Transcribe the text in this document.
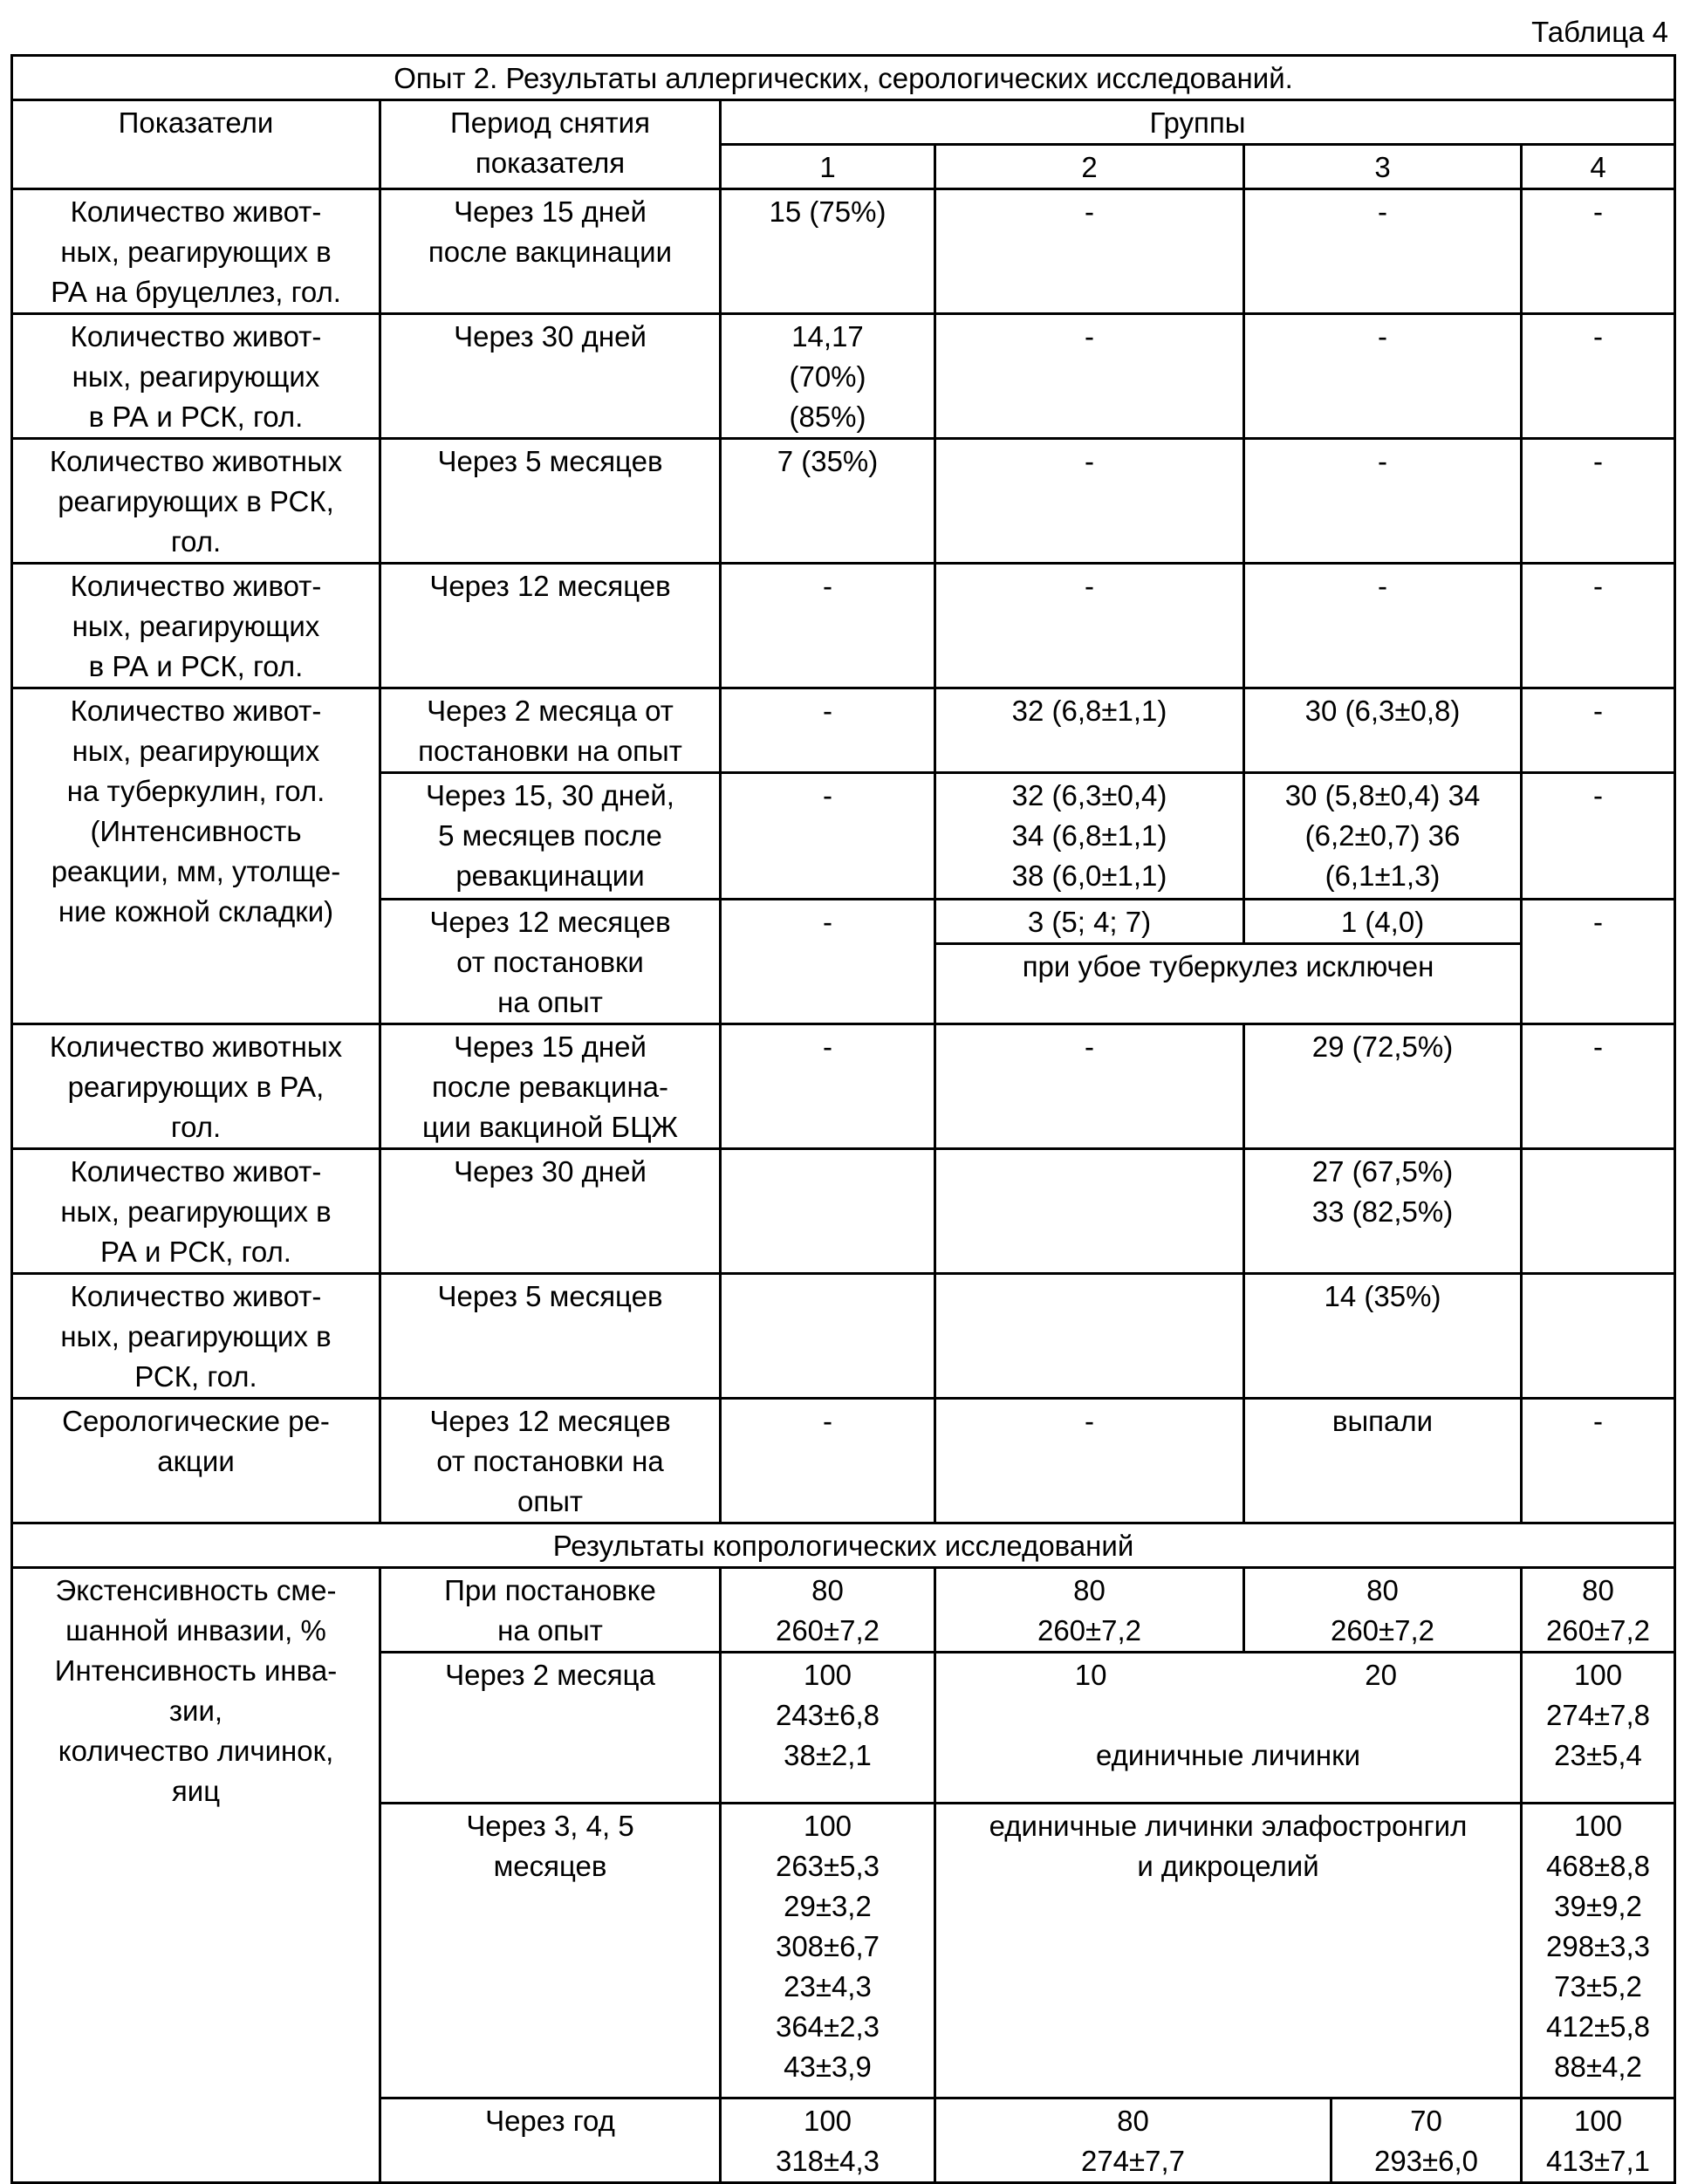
Таблица 4
Опыт 2. Результаты аллергических, серологических исследований.
Показатели	Период снятия
показателя	Группы
1	2	3	4
Количество живот-
ных, реагирующих в
РА на бруцеллез, гол.	Через 15 дней
после вакцинации	15 (75%)	-	-	-
Количество живот-
ных, реагирующих
в РА и РСК, гол.	Через 30 дней	14,17
(70%)
(85%)	-	-	-
Количество животных
реагирующих в РСК,
гол.	Через 5 месяцев	7 (35%)	-	-	-
Количество живот-
ных, реагирующих
в РА и РСК, гол.	Через 12 месяцев	-	-	-	-
Количество живот-
ных, реагирующих
на туберкулин, гол.
(Интенсивность
реакции, мм, утолще-
ние кожной складки)	Через 2 месяца от
постановки на опыт	-	32 (6,8±1,1)	30 (6,3±0,8)	-
Через 15, 30 дней,
5 месяцев после
ревакцинации	-	32 (6,3±0,4)
34 (6,8±1,1)
38 (6,0±1,1)	30 (5,8±0,4) 34
(6,2±0,7) 36
(6,1±1,3)	-
Через 12 месяцев
от постановки
на опыт	-	3 (5; 4; 7)	1 (4,0)	-
при убое туберкулез исключен
Количество животных
реагирующих в РА,
гол.	Через 15 дней
после ревакцина-
ции вакциной БЦЖ	-	-	29 (72,5%)	-
Количество живот-
ных, реагирующих в
РА и РСК, гол.	Через 30 дней			27 (67,5%)
33 (82,5%)	
Количество живот-
ных, реагирующих в
РСК, гол.	Через 5 месяцев			14 (35%)	
Серологические ре-
акции	Через 12 месяцев
от постановки на
опыт	-	-	выпали	-
Результаты копрологических исследований
Экстенсивность сме-
шанной инвазии, %
Интенсивность инва-
зии,
количество личинок,
яиц	При постановке
на опыт	80
260±7,2	80
260±7,2	80
260±7,2	80
260±7,2
Через 2 месяца	100
243±6,8
38±2,1	
10	20
единичные личинки
	100
274±7,8
23±5,4
Через 3, 4, 5
месяцев	100
263±5,3
29±3,2
308±6,7
23±4,3
364±2,3
43±3,9	единичные личинки элафостронгил
и дикроцелий	100
468±8,8
39±9,2
298±3,3
73±5,2
412±5,8
88±4,2
Через год	100
318±4,3	80
274±7,7	70
293±6,0	100
413±7,1
